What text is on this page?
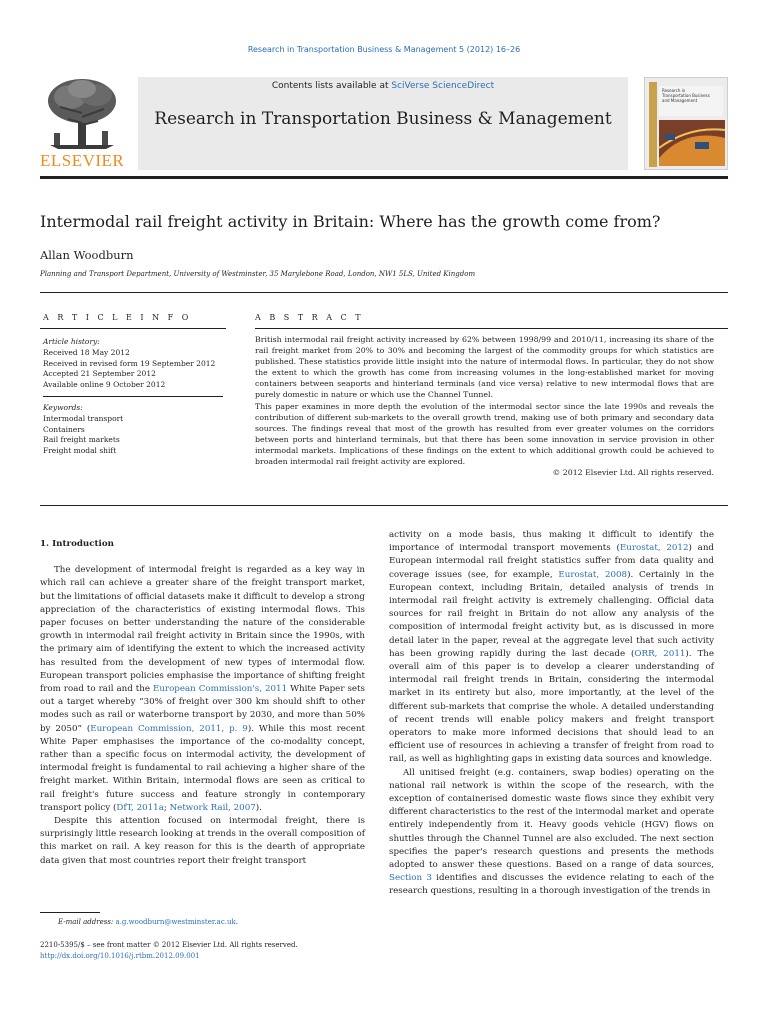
Research in Transportation Business & Management 5 (2012) 16–26
ELSEVIER
Contents lists available at SciVerse ScienceDirect
Research in Transportation Business & Management
Research in
Transportation Business
and Management
Intermodal rail freight activity in Britain: Where has the growth come from?
Allan Woodburn
Planning and Transport Department, University of Westminster, 35 Marylebone Road, London, NW1 5LS, United Kingdom
A R T I C L E I N F O	A B S T R A C T
Article history:
Received 18 May 2012
Received in revised form 19 September 2012
Accepted 21 September 2012
Available online 9 October 2012
Keywords:
Intermodal transport
Containers
Rail freight markets
Freight modal shift

British intermodal rail freight activity increased by 62% between 1998/99 and 2010/11, increasing its share of the rail freight market from 20% to 30% and becoming the largest of the commodity groups for which statistics are published. These statistics provide little insight into the nature of intermodal flows. In particular, they do not show the extent to which the growth has come from increasing volumes in the long-established market for moving containers between seaports and hinterland terminals (and vice versa) relative to new intermodal flows that are purely domestic in nature or which use the Channel Tunnel.

This paper examines in more depth the evolution of the intermodal sector since the late 1990s and reveals the contribution of different sub-markets to the overall growth trend, making use of both primary and secondary data sources. The findings reveal that most of the growth has resulted from ever greater volumes on the corridors between ports and hinterland terminals, but that there has been some innovation in service provision in other intermodal markets. Implications of these findings on the extent to which additional growth could be achieved to broaden intermodal rail freight activity are explored.

© 2012 Elsevier Ltd. All rights reserved.

1. Introduction

The development of intermodal freight is regarded as a key way in which rail can achieve a greater share of the freight transport market, but the limitations of official datasets make it difficult to develop a strong appreciation of the characteristics of existing intermodal flows. This paper focuses on better understanding the nature of the considerable growth in intermodal rail freight activity in Britain since the 1990s, with the primary aim of identifying the extent to which the increased activity has resulted from the development of new types of intermodal flow. European transport policies emphasise the importance of shifting freight from road to rail and the European Commission's, 2011 White Paper sets out a target whereby “30% of freight over 300 km should shift to other modes such as rail or waterborne transport by 2030, and more than 50% by 2050” (European Commission, 2011, p. 9). While this most recent White Paper emphasises the importance of the co-modality concept, rather than a specific focus on intermodal activity, the development of intermodal freight is fundamental to rail achieving a higher share of the freight market. Within Britain, intermodal flows are seen as critical to rail freight's future success and feature strongly in contemporary transport policy (DfT, 2011a; Network Rail, 2007).

Despite this attention focused on intermodal freight, there is surprisingly little research looking at trends in the overall composition of this market on rail. A key reason for this is the dearth of appropriate data given that most countries report their freight transport

activity on a mode basis, thus making it difficult to identify the importance of intermodal transport movements (Eurostat, 2012) and European intermodal rail freight statistics suffer from data quality and coverage issues (see, for example, Eurostat, 2008). Certainly in the European context, including Britain, detailed analysis of trends in intermodal rail freight activity is extremely challenging. Official data sources for rail freight in Britain do not allow any analysis of the composition of intermodal freight activity but, as is discussed in more detail later in the paper, reveal at the aggregate level that such activity has been growing rapidly during the last decade (ORR, 2011). The overall aim of this paper is to develop a clearer understanding of intermodal rail freight trends in Britain, considering the intermodal market in its entirety but also, more importantly, at the level of the different sub-markets that comprise the whole. A detailed understanding of recent trends will enable policy makers and freight transport operators to make more informed decisions that should lead to an efficient use of resources in achieving a transfer of freight from road to rail, as well as highlighting gaps in existing data sources and knowledge.

All unitised freight (e.g. containers, swap bodies) operating on the national rail network is within the scope of the research, with the exception of containerised domestic waste flows since they exhibit very different characteristics to the rest of the intermodal market and operate entirely independently from it. Heavy goods vehicle (HGV) flows on shuttles through the Channel Tunnel are also excluded. The next section specifies the paper's research questions and presents the methods adopted to answer these questions. Based on a range of data sources, Section 3 identifies and discusses the evidence relating to each of the research questions, resulting in a thorough investigation of the trends in

E-mail address: a.g.woodburn@westminster.ac.uk.
2210-5395/$ – see front matter © 2012 Elsevier Ltd. All rights reserved.
http://dx.doi.org/10.1016/j.rtbm.2012.09.001
